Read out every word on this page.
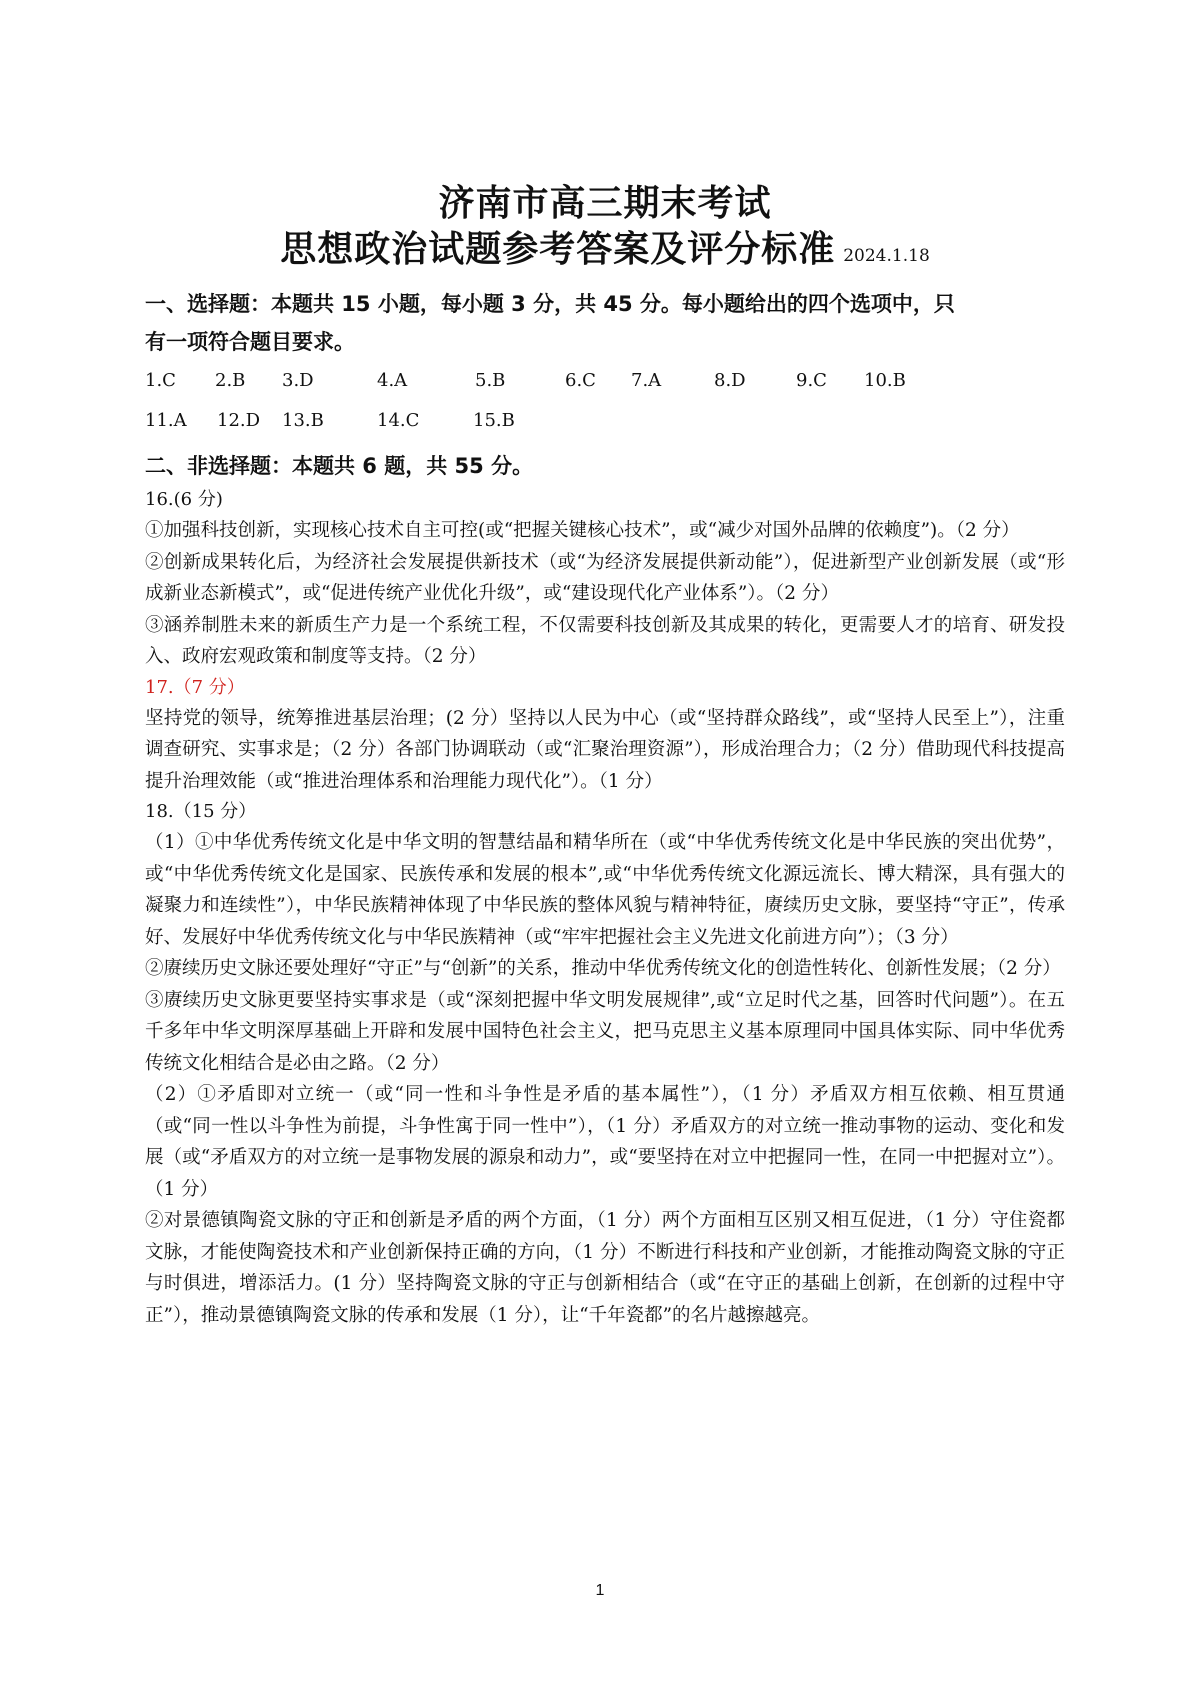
济南市高三期末考试
思想政治试题参考答案及评分标准 2024.1.18
一、选择题：本题共 15 小题，每小题 3 分，共 45 分。每小题给出的四个选项中，只
有一项符合题目要求。
1.C	2.B	3.D	4.A	5.B	6.C	7.A	8.D	9.C	10.B
11.A	12.D	13.B	14.C	15.B
二、非选择题：本题共 6 题，共 55 分。
16.(6 分)
①加强科技创新，实现核心技术自主可控(或“把握关键核心技术”，或“减少对国外品牌的依赖度”)。（2 分）
②创新成果转化后，为经济社会发展提供新技术（或“为经济发展提供新动能”），促进新型产业创新发展（或“形成新业态新模式”，或“促进传统产业优化升级”，或“建设现代化产业体系”）。（2 分）
③涵养制胜未来的新质生产力是一个系统工程，不仅需要科技创新及其成果的转化，更需要人才的培育、研发投入、政府宏观政策和制度等支持。（2 分）
17.（7 分）
坚持党的领导，统筹推进基层治理；(2 分）坚持以人民为中心（或“坚持群众路线”，或“坚持人民至上”），注重调查研究、实事求是；（2 分）各部门协调联动（或“汇聚治理资源”），形成治理合力；（2 分）借助现代科技提高提升治理效能（或“推进治理体系和治理能力现代化”）。（1 分）
18.（15 分）
（1）①中华优秀传统文化是中华文明的智慧结晶和精华所在（或“中华优秀传统文化是中华民族的突出优势”，或“中华优秀传统文化是国家、民族传承和发展的根本”,或“中华优秀传统文化源远流长、博大精深，具有强大的凝聚力和连续性”），中华民族精神体现了中华民族的整体风貌与精神特征，赓续历史文脉，要坚持“守正”，传承好、发展好中华优秀传统文化与中华民族精神（或“牢牢把握社会主义先进文化前进方向”）；（3 分）
②赓续历史文脉还要处理好“守正”与“创新”的关系，推动中华优秀传统文化的创造性转化、创新性发展；（2 分）
③赓续历史文脉更要坚持实事求是（或“深刻把握中华文明发展规律”,或“立足时代之基，回答时代问题”）。在五千多年中华文明深厚基础上开辟和发展中国特色社会主义，把马克思主义基本原理同中国具体实际、同中华优秀传统文化相结合是必由之路。（2 分）
（2）①矛盾即对立统一（或“同一性和斗争性是矛盾的基本属性”），（1 分）矛盾双方相互依赖、相互贯通（或“同一性以斗争性为前提，斗争性寓于同一性中”），（1 分）矛盾双方的对立统一推动事物的运动、变化和发展（或“矛盾双方的对立统一是事物发展的源泉和动力”，或“要坚持在对立中把握同一性，在同一中把握对立”）。（1 分）
②对景德镇陶瓷文脉的守正和创新是矛盾的两个方面，（1 分）两个方面相互区别又相互促进，（1 分）守住瓷都文脉，才能使陶瓷技术和产业创新保持正确的方向，（1 分）不断进行科技和产业创新，才能推动陶瓷文脉的守正与时俱进，增添活力。(1 分）坚持陶瓷文脉的守正与创新相结合（或“在守正的基础上创新，在创新的过程中守正”），推动景德镇陶瓷文脉的传承和发展（1 分），让“千年瓷都”的名片越擦越亮。
1
